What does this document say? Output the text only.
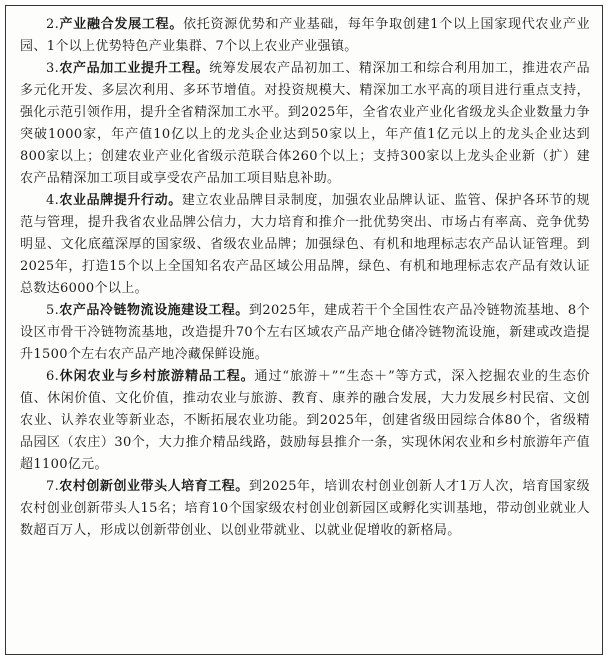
2.产业融合发展工程。依托资源优势和产业基础，每年争取创建1个以上国家现代农业产业园、1个以上优势特色产业集群、7个以上农业产业强镇。

3.农产品加工业提升工程。统筹发展农产品初加工、精深加工和综合利用加工，推进农产品多元化开发、多层次利用、多环节增值。对投资规模大、精深加工水平高的项目进行重点支持，强化示范引领作用，提升全省精深加工水平。到2025年，全省农业产业化省级龙头企业数量力争突破1000家，年产值10亿以上的龙头企业达到50家以上，年产值1亿元以上的龙头企业达到800家以上；创建农业产业化省级示范联合体260个以上；支持300家以上龙头企业新（扩）建农产品精深加工项目或享受农产品加工项目贴息补助。

4.农业品牌提升行动。建立农业品牌目录制度，加强农业品牌认证、监管、保护各环节的规范与管理，提升我省农业品牌公信力，大力培育和推介一批优势突出、市场占有率高、竞争优势明显、文化底蕴深厚的国家级、省级农业品牌；加强绿色、有机和地理标志农产品认证管理。到2025年，打造15个以上全国知名农产品区域公用品牌，绿色、有机和地理标志农产品有效认证总数达6000个以上。

5.农产品冷链物流设施建设工程。到2025年，建成若干个全国性农产品冷链物流基地、8个设区市骨干冷链物流基地，改造提升70个左右区域农产品产地仓储冷链物流设施，新建或改造提升1500个左右农产品产地冷藏保鲜设施。

6.休闲农业与乡村旅游精品工程。通过“旅游＋”“生态＋”等方式，深入挖掘农业的生态价值、休闲价值、文化价值，推动农业与旅游、教育、康养的融合发展，大力发展乡村民宿、文创农业、认养农业等新业态，不断拓展农业功能。到2025年，创建省级田园综合体80个，省级精品园区（农庄）30个，大力推介精品线路，鼓励每县推介一条，实现休闲农业和乡村旅游年产值超1100亿元。

7.农村创新创业带头人培育工程。到2025年，培训农村创业创新人才1万人次，培育国家级农村创业创新带头人15名；培育10个国家级农村创业创新园区或孵化实训基地，带动创业就业人数超百万人，形成以创新带创业、以创业带就业、以就业促增收的新格局。
